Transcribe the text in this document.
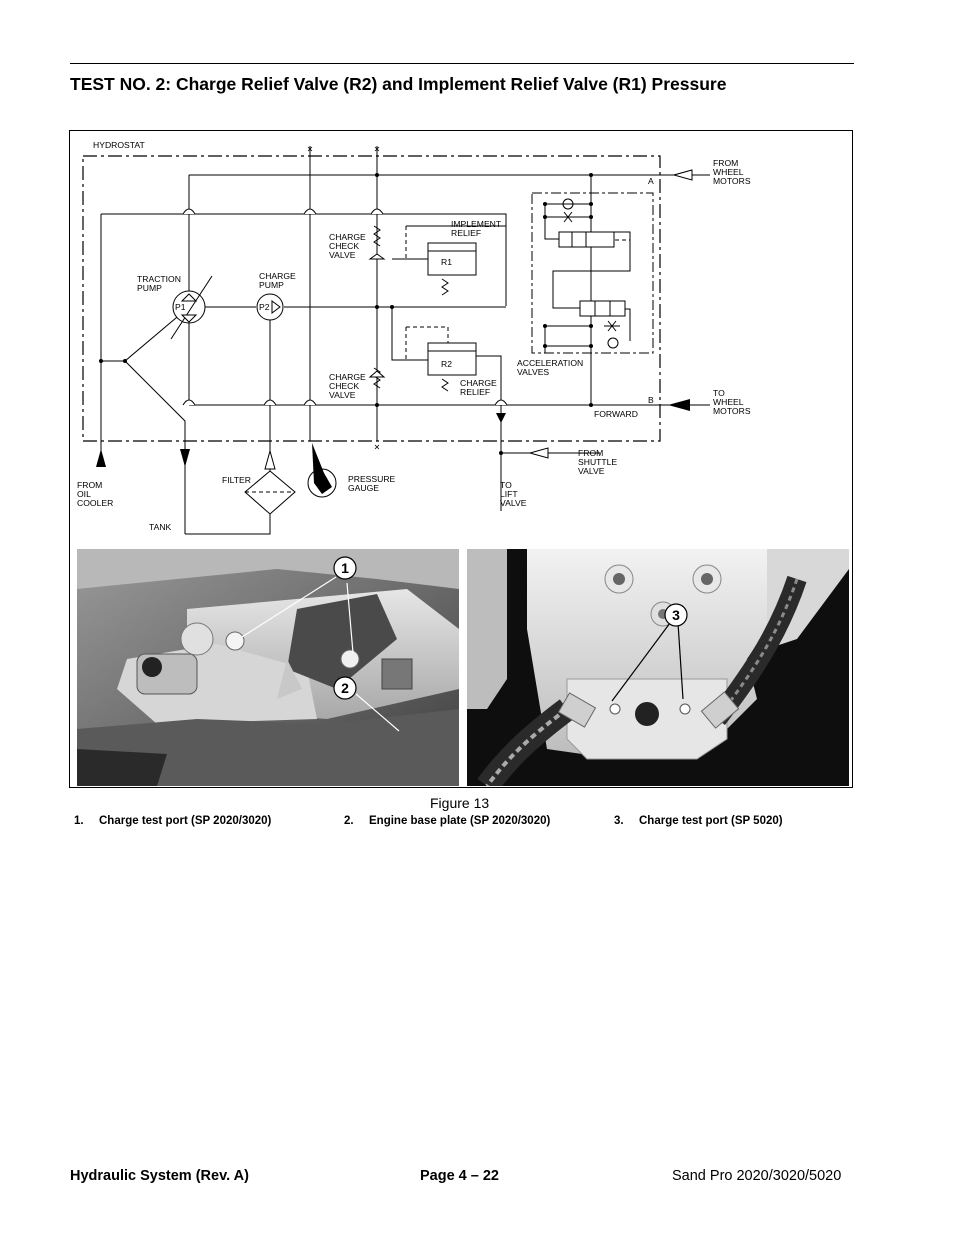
TEST NO. 2: Charge Relief Valve (R2) and Implement Relief Valve (R1) Pressure
HYDROSTAT
FROM
WHEEL
MOTORS
TO
WHEEL
MOTORS
A
B
FORWARD
TRACTION
PUMP
P1
CHARGE
PUMP
P2
CHARGE
CHECK
VALVE
CHARGE
CHECK
VALVE
IMPLEMENT
RELIEF
R1
R2
CHARGE
RELIEF
ACCELERATION
VALVES
FROM
SHUTTLE
VALVE
TO
LIFT
VALVE
PRESSURE
GAUGE
FILTER
TANK
FROM
OIL
COOLER
1
2
3
Figure 13
1. Charge test port (SP 2020/3020)	2. Engine base plate (SP 2020/3020)	3. Charge test port (SP 5020)
Hydraulic System (Rev. A)	Page 4 – 22	Sand Pro 2020/3020/5020
